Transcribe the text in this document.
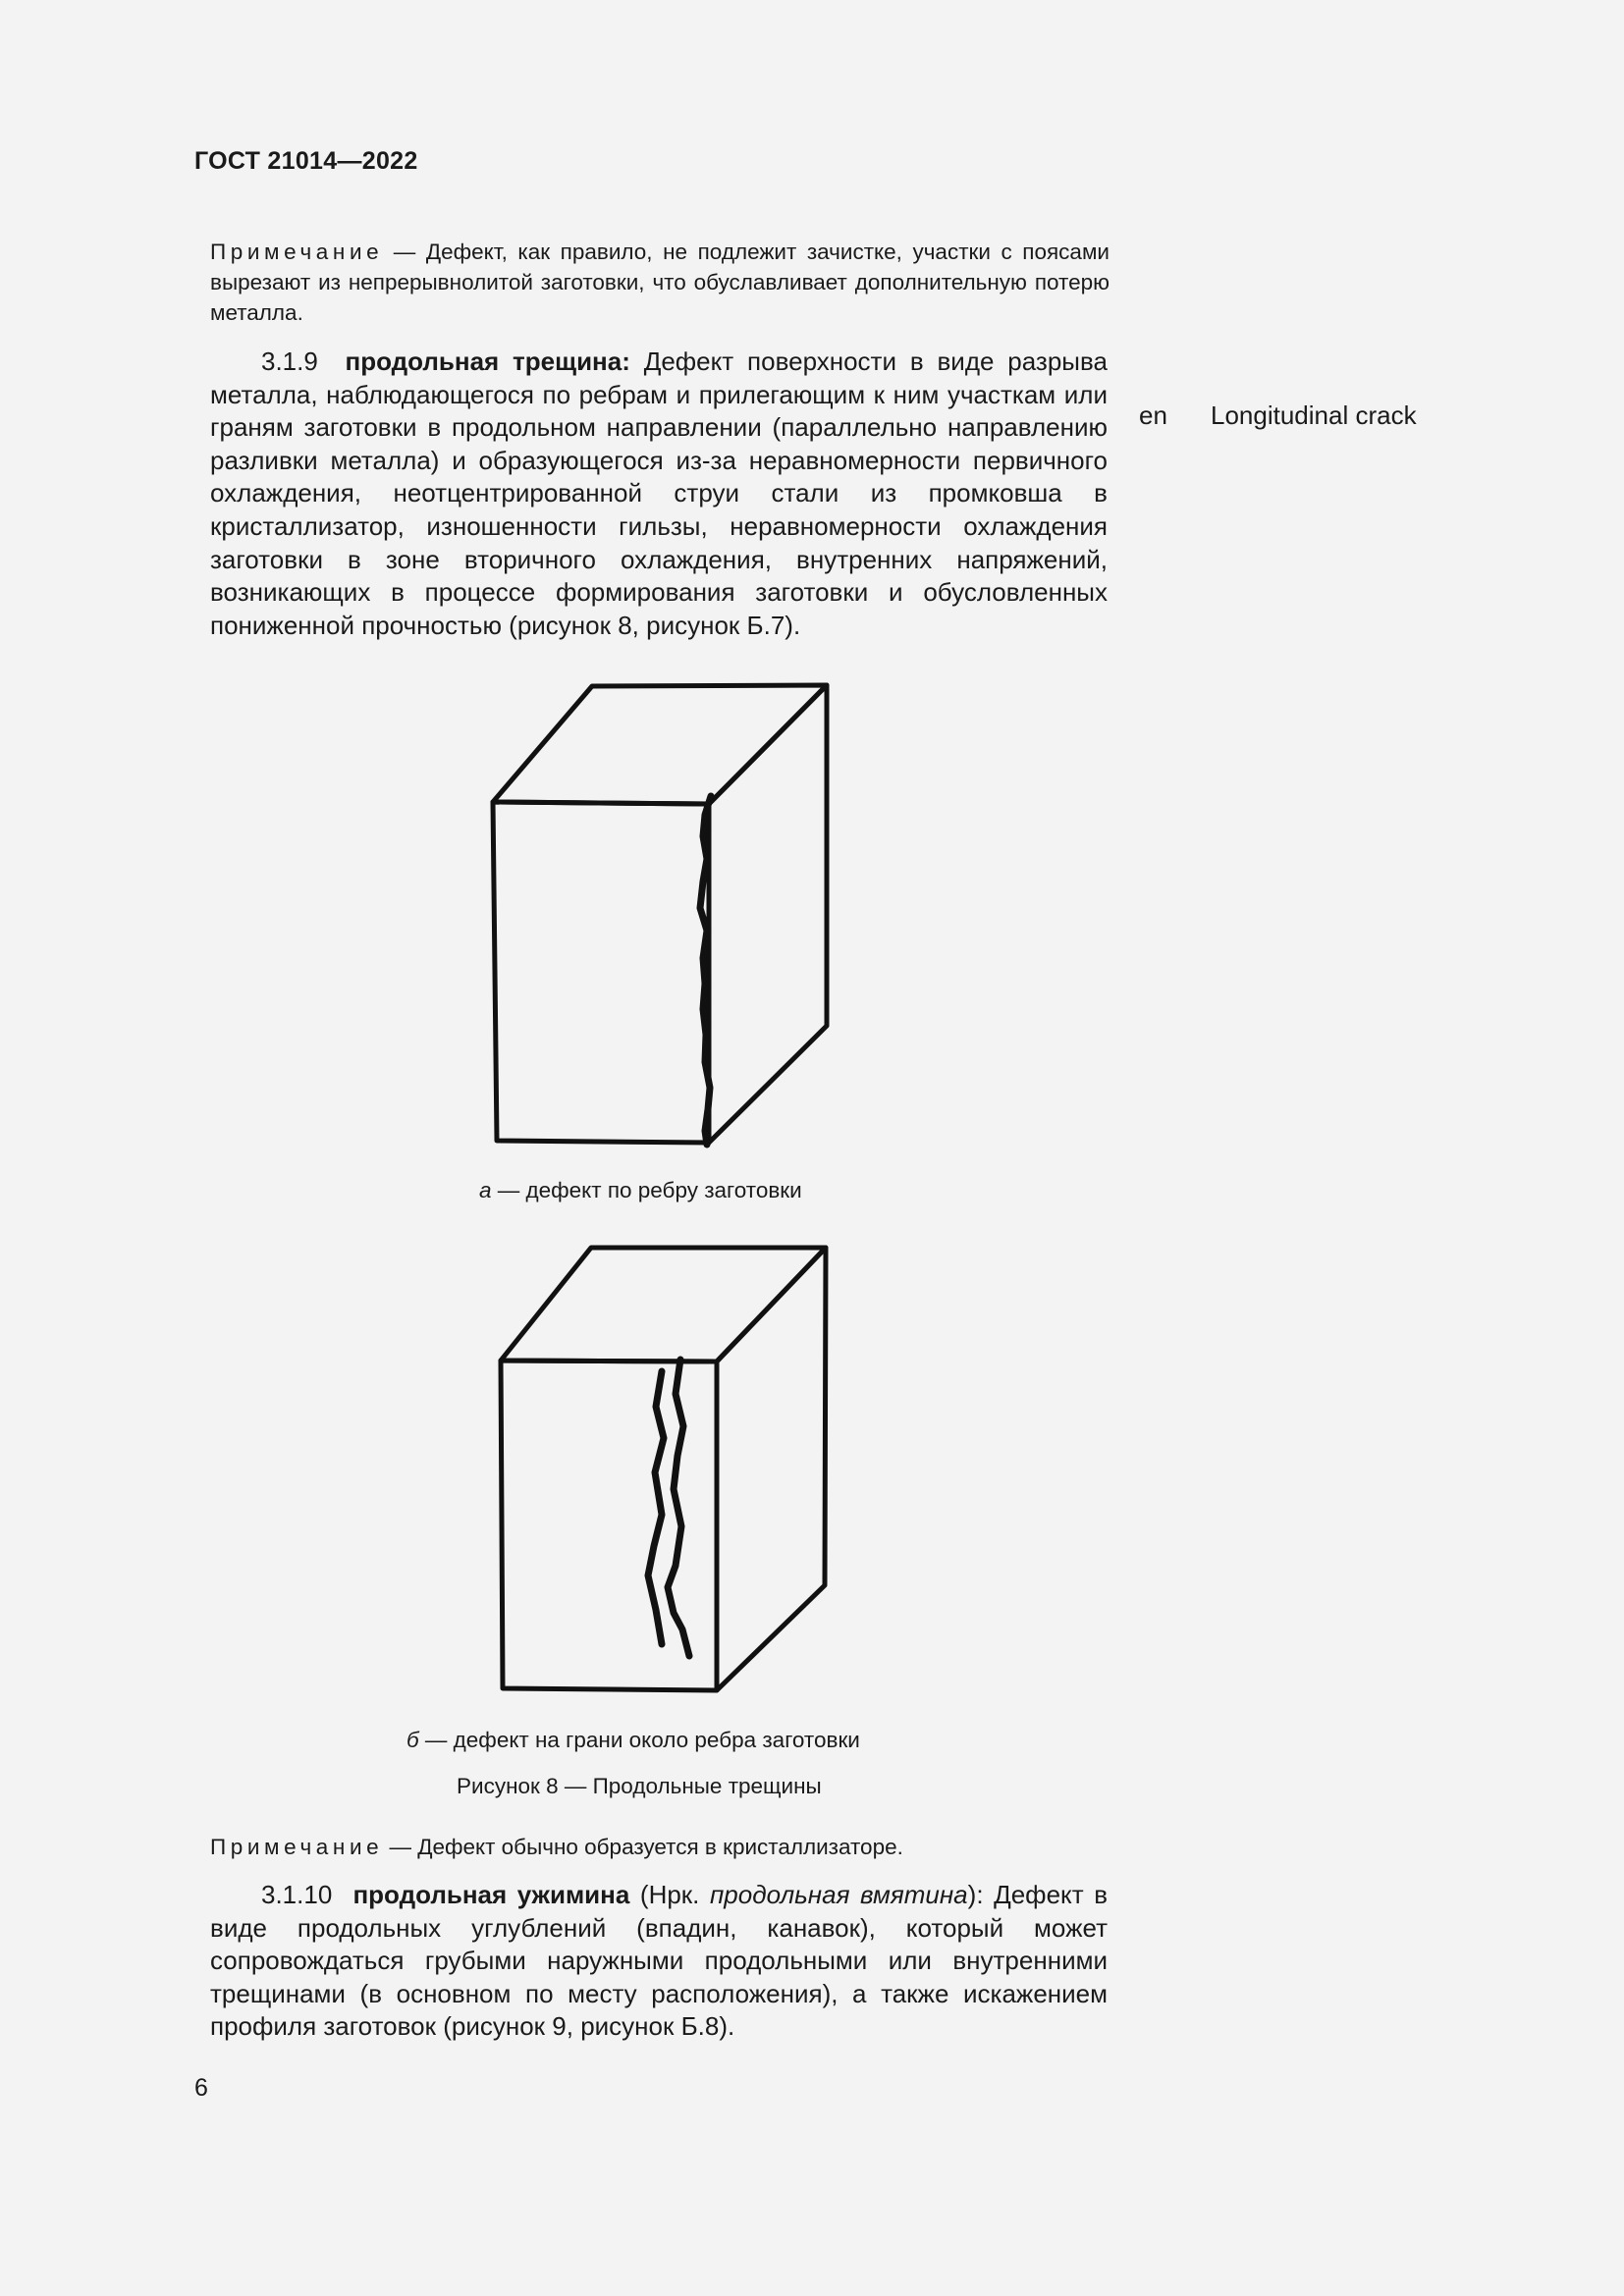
ГОСТ 21014—2022
Примечание — Дефект, как правило, не подлежит зачистке, участки с поясами вырезают из непрерывнолитой заготовки, что обуславливает дополнительную потерю металла.
3.1.9 продольная трещина: Дефект поверхности в виде разрыва металла, наблюдающегося по ребрам и прилегающим к ним участкам или граням заготовки в продольном направлении (параллельно направлению разливки металла) и образующегося из-за неравномерности первичного охлаждения, неотцентрированной струи стали из промковша в кристаллизатор, изношенности гильзы, неравномерности охлаждения заготовки в зоне вторичного охлаждения, внутренних напряжений, возникающих в процессе формирования заготовки и обусловленных пониженной прочностью (рисунок 8, рисунок Б.7).
en Longitudinal crack
а — дефект по ребру заготовки
б — дефект на грани около ребра заготовки
Рисунок 8 — Продольные трещины
Примечание — Дефект обычно образуется в кристаллизаторе.
3.1.10 продольная ужимина (Нрк. продольная вмятина): Дефект в виде продольных углублений (впадин, канавок), который может сопровождаться грубыми наружными продольными или внутренними трещинами (в основном по месту расположения), а также искажением профиля заготовок (рисунок 9, рисунок Б.8).
6
